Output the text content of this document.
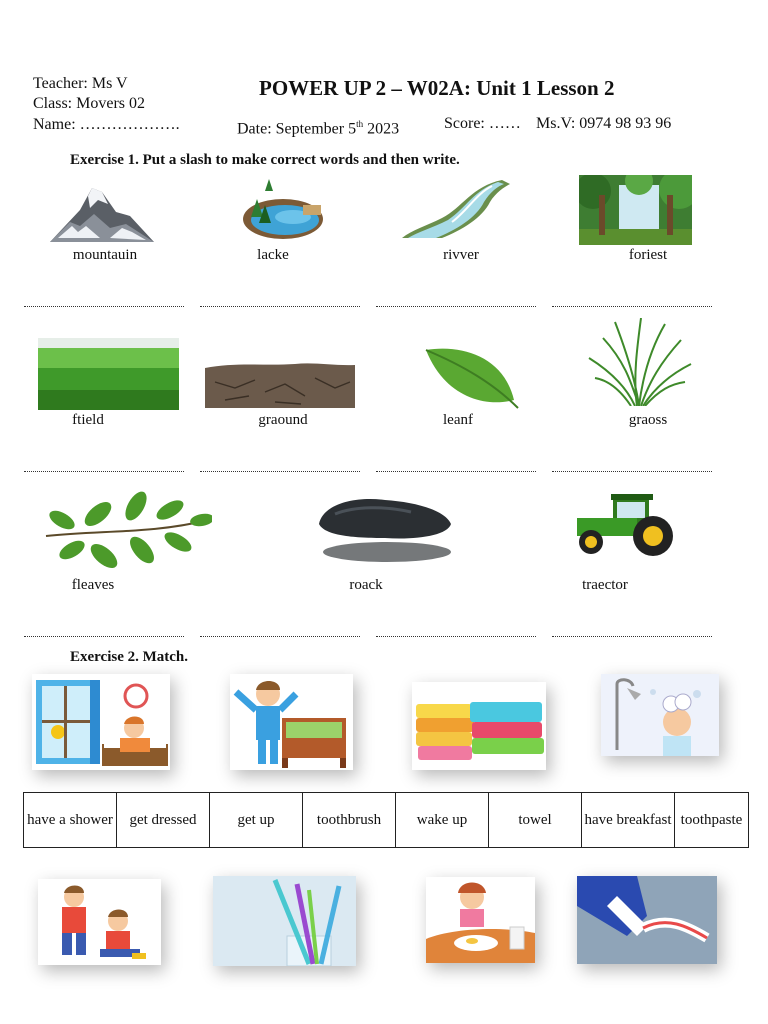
Teacher: Ms V
Class: Movers 02
Name: ……………….
POWER UP 2 – W02A: Unit 1 Lesson 2
Date: September 5th 2023	Score: …… Ms.V: 0974 98 93 96
Exercise 1. Put a slash to make correct words and then write.
mountauin	lacke	rivver	foriest
ftield	graound	leanf	graoss
fleaves	roack	traector
Exercise 2. Match.
have a shower	get dressed	get up	toothbrush	wake up	towel	have breakfast	toothpaste
